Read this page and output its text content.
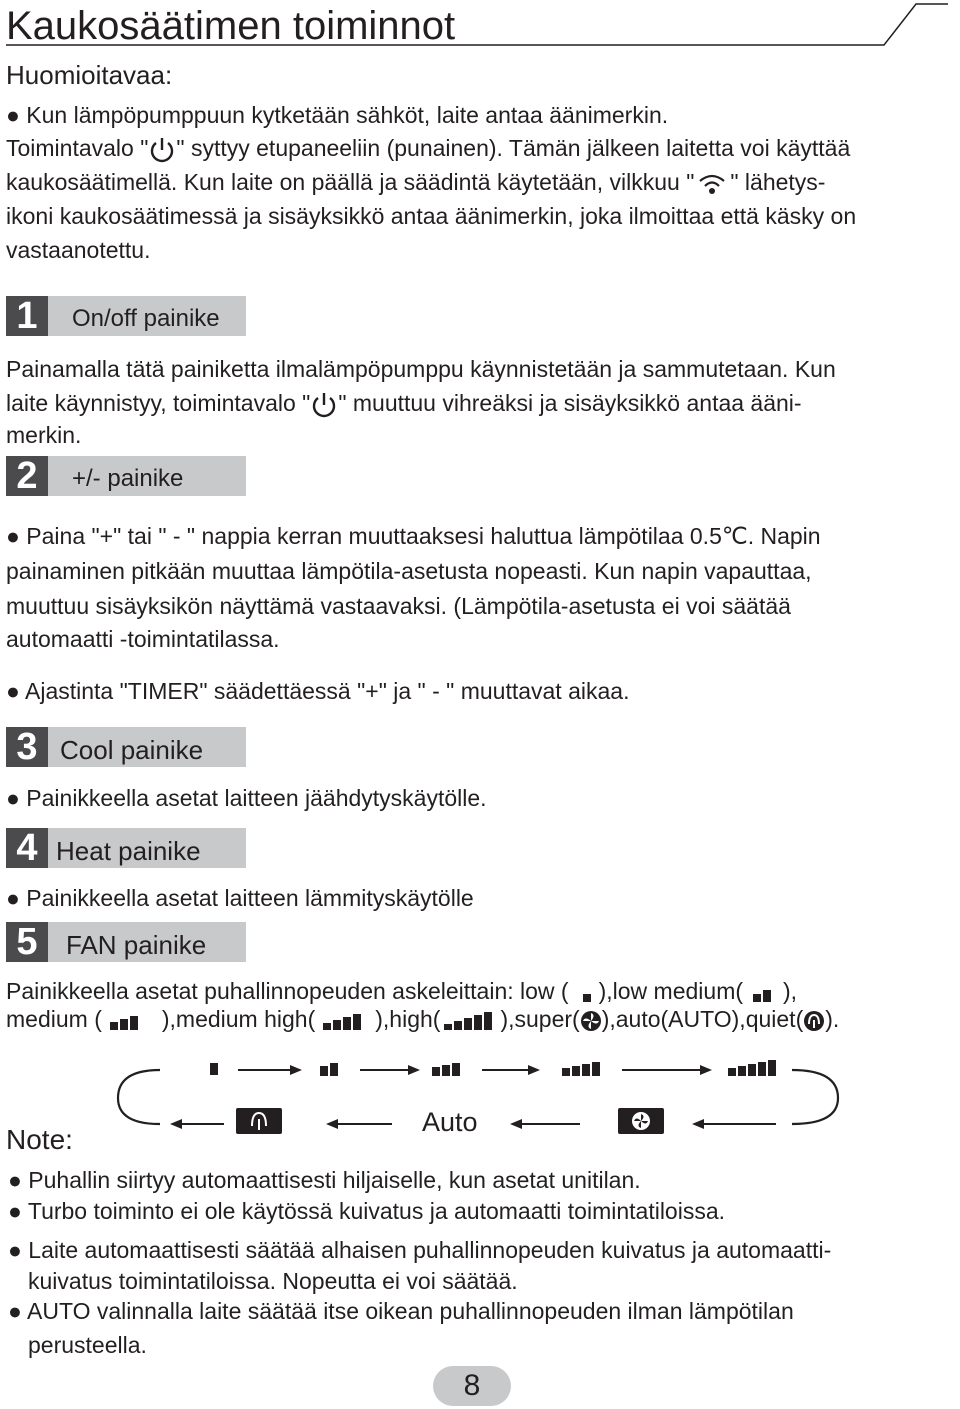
Kaukosäätimen toiminnot
Huomioitavaa:
● Kun lämpöpumppuun kytketään sähköt, laite antaa äänimerkin.
Toimintavalo " " syttyy etupaneeliin (punainen). Tämän jälkeen laitetta voi käyttää
kaukosäätimellä. Kun laite on päällä ja säädintä käytetään, vilkkuu " " lähetys-
ikoni kaukosäätimessä ja sisäyksikkö antaa äänimerkin, joka ilmoittaa että käsky on
vastaanotettu.
1	On/off painike
Painamalla tätä painiketta ilmalämpöpumppu käynnistetään ja sammutetaan. Kun
laite käynnistyy, toimintavalo " " muuttuu vihreäksi ja sisäyksikkö antaa ääni-
merkin.
2	+/- painike
● Paina "+" tai " - " nappia kerran muuttaaksesi haluttua lämpötilaa 0.5℃. Napin
painaminen pitkään muuttaa lämpötila-asetusta nopeasti. Kun napin vapauttaa,
muuttuu sisäyksikön näyttämä vastaavaksi. (Lämpötila-asetusta ei voi säätää
automaatti -toimintatilassa.
● Ajastinta "TIMER" säädettäessä "+" ja " - " muuttavat aikaa.
3 Cool painike
● Painikkeella asetat laitteen jäähdytyskäytölle.
4 Heat painike
● Painikkeella asetat laitteen lämmityskäytölle
5	FAN painike
Painikkeella asetat puhallinnopeuden askeleittain: low ( ),low medium( ),
medium (	),medium high(	),high(	),super( ),auto(AUTO),quiet( ).
Auto
Note:
● Puhallin siirtyy automaattisesti hiljaiselle, kun asetat unitilan.
● Turbo toiminto ei ole käytössä kuivatus ja automaatti toimintatiloissa.
● Laite automaattisesti säätää alhaisen puhallinnopeuden kuivatus ja automaatti-
kuivatus toimintatiloissa. Nopeutta ei voi säätää.
● AUTO valinnalla laite säätää itse oikean puhallinnopeuden ilman lämpötilan
perusteella.
8
